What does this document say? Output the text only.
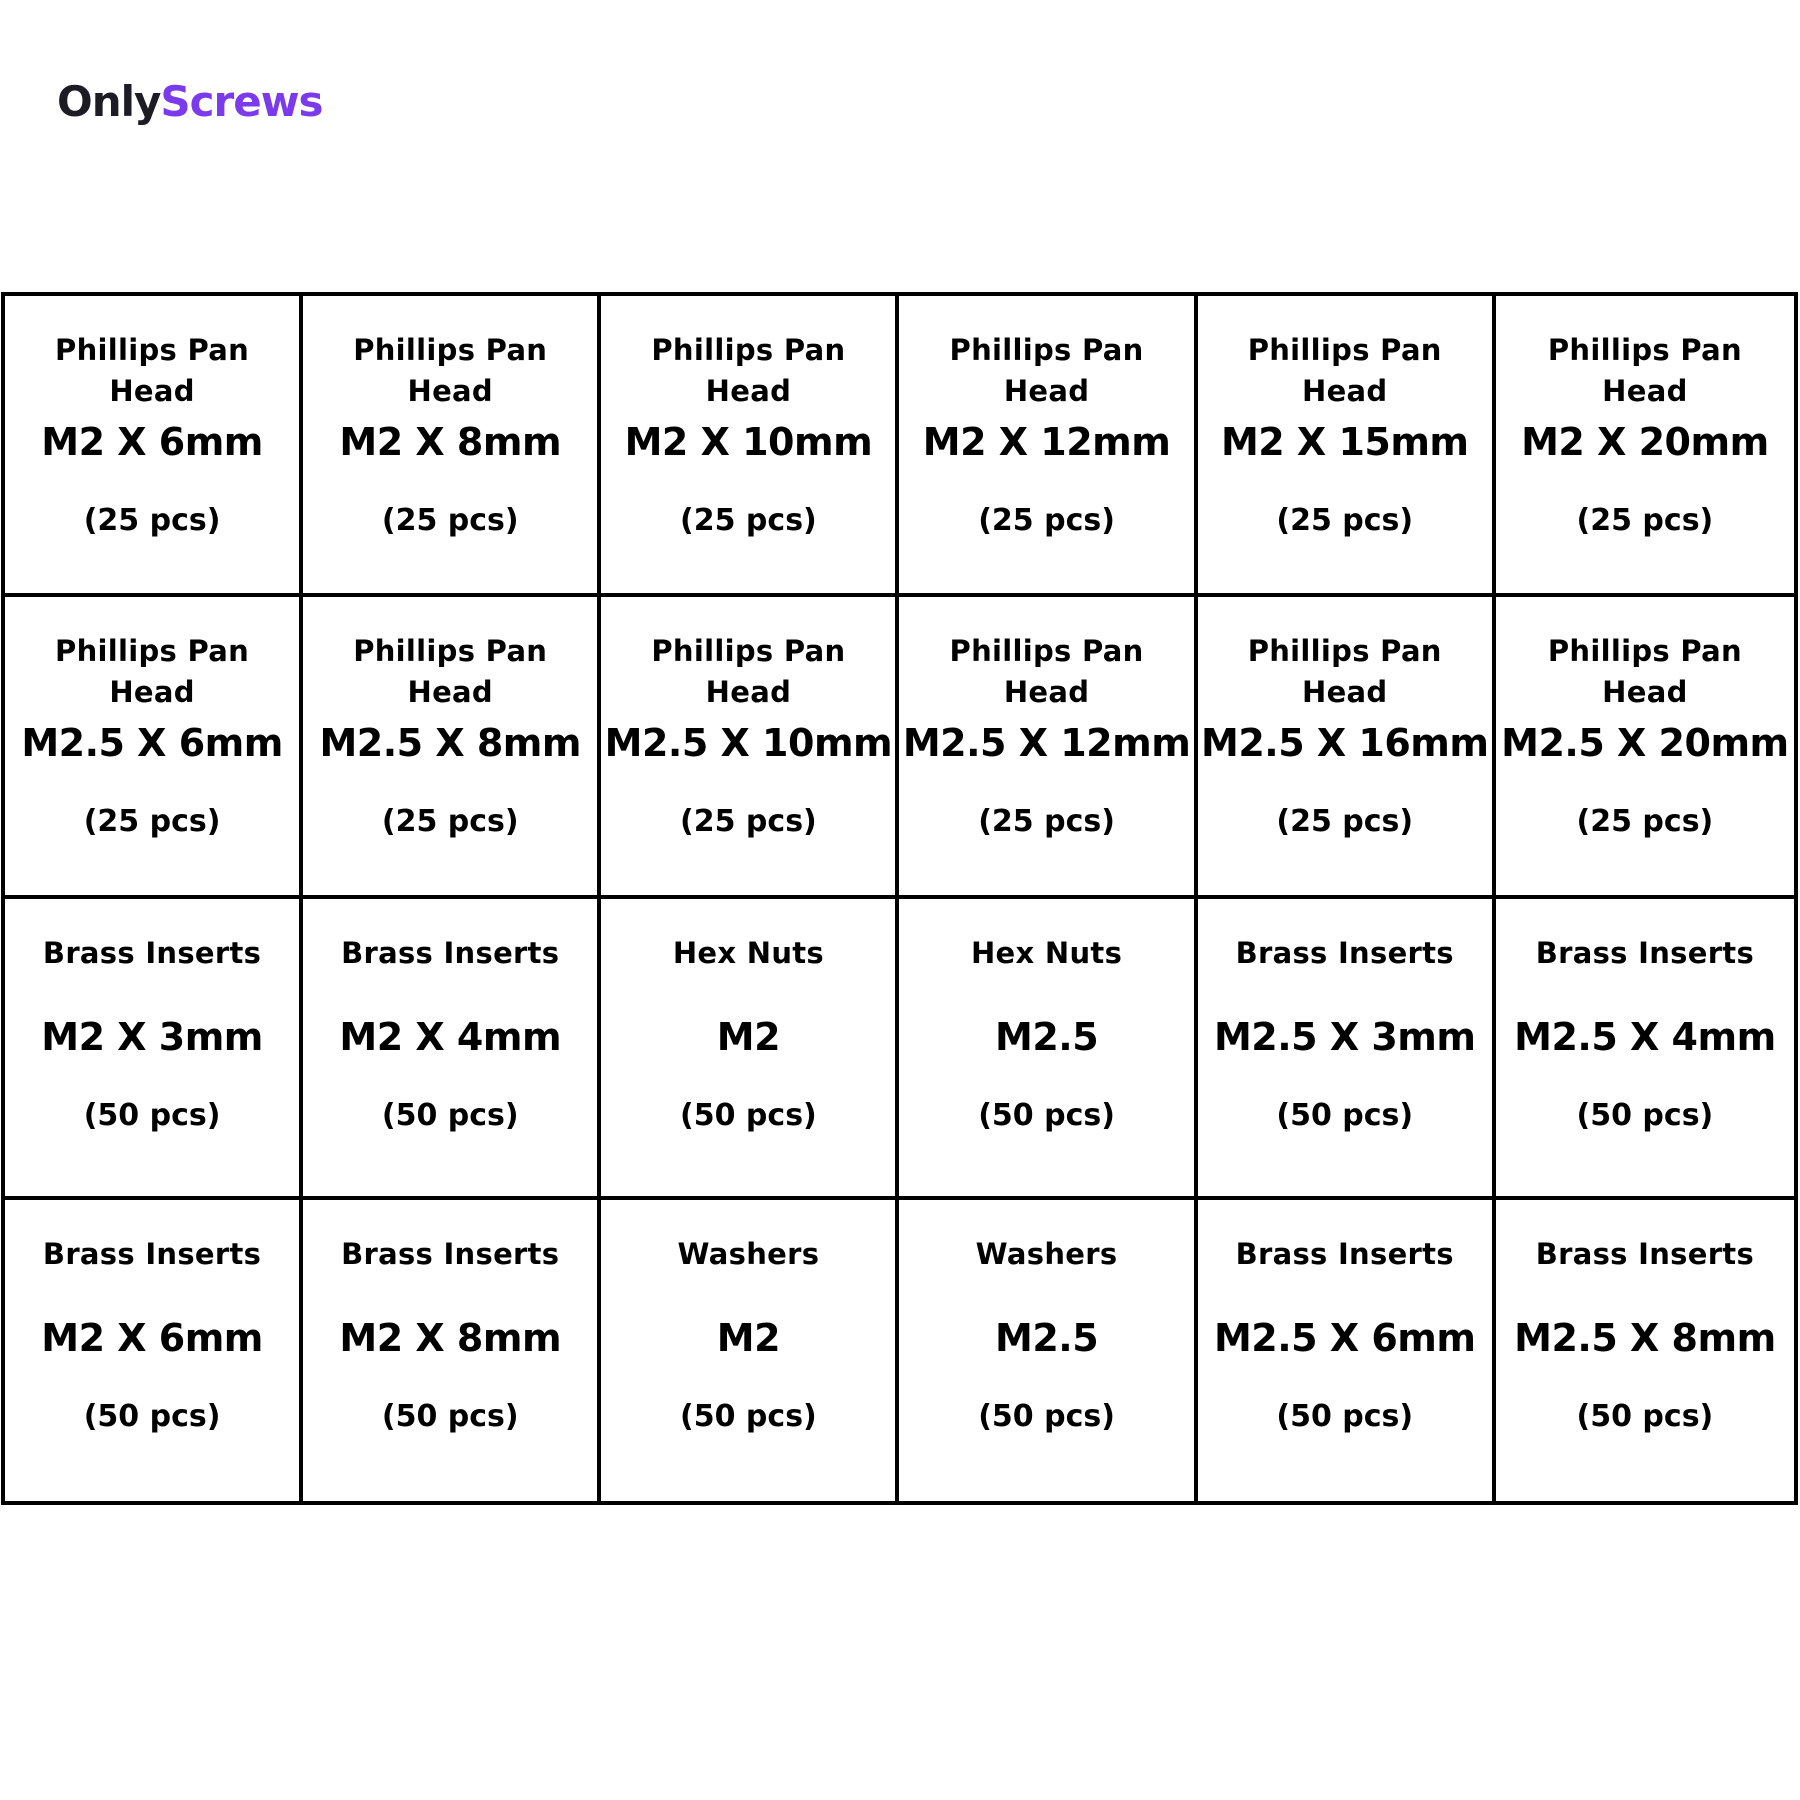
OnlyScrews
Phillips Pan Head
M2 X 6mm
(25 pcs)
Phillips Pan Head
M2 X 8mm
(25 pcs)
Phillips Pan Head
M2 X 10mm
(25 pcs)
Phillips Pan Head
M2 X 12mm
(25 pcs)
Phillips Pan Head
M2 X 15mm
(25 pcs)
Phillips Pan Head
M2 X 20mm
(25 pcs)
Phillips Pan Head
M2.5 X 6mm
(25 pcs)
Phillips Pan Head
M2.5 X 8mm
(25 pcs)
Phillips Pan Head
M2.5 X 10mm
(25 pcs)
Phillips Pan Head
M2.5 X 12mm
(25 pcs)
Phillips Pan Head
M2.5 X 16mm
(25 pcs)
Phillips Pan Head
M2.5 X 20mm
(25 pcs)
Brass Inserts
M2 X 3mm
(50 pcs)
Brass Inserts
M2 X 4mm
(50 pcs)
Hex Nuts
M2
(50 pcs)
Hex Nuts
M2.5
(50 pcs)
Brass Inserts
M2.5 X 3mm
(50 pcs)
Brass Inserts
M2.5 X 4mm
(50 pcs)
Brass Inserts
M2 X 6mm
(50 pcs)
Brass Inserts
M2 X 8mm
(50 pcs)
Washers
M2
(50 pcs)
Washers
M2.5
(50 pcs)
Brass Inserts
M2.5 X 6mm
(50 pcs)
Brass Inserts
M2.5 X 8mm
(50 pcs)
